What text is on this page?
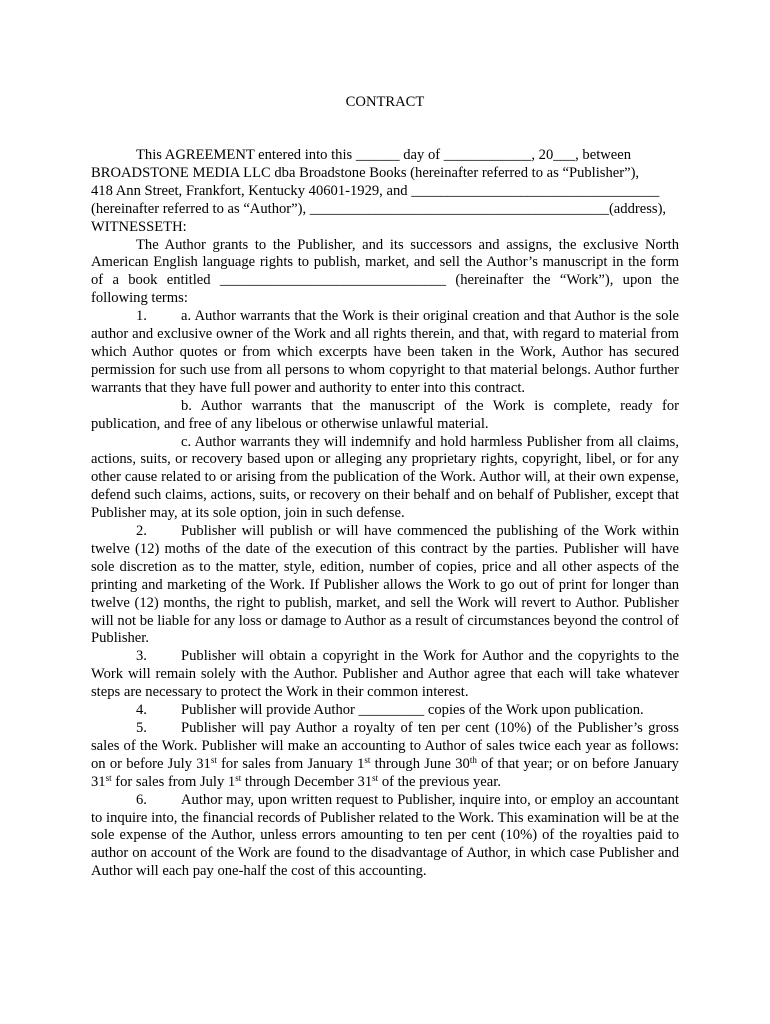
CONTRACT

This AGREEMENT entered into this ______ day of ____________, 20___, between

BROADSTONE MEDIA LLC dba Broadstone Books (hereinafter referred to as “Publisher”),

418 Ann Street, Frankfort, Kentucky 40601-1929, and __________________________________

(hereinafter referred to as “Author”), _________________________________________(address),

WITNESSETH:

The Author grants to the Publisher, and its successors and assigns, the exclusive North American English language rights to publish, market, and sell the Author’s manuscript in the form of a book entitled _______________________________ (hereinafter the “Work”), upon the following terms:

1. a. Author warrants that the Work is their original creation and that Author is the sole author and exclusive owner of the Work and all rights therein, and that, with regard to material from which Author quotes or from which excerpts have been taken in the Work, Author has secured permission for such use from all persons to whom copyright to that material belongs. Author further warrants that they have full power and authority to enter into this contract.

b. Author warrants that the manuscript of the Work is complete, ready for publication, and free of any libelous or otherwise unlawful material.

c. Author warrants they will indemnify and hold harmless Publisher from all claims, actions, suits, or recovery based upon or alleging any proprietary rights, copyright, libel, or for any other cause related to or arising from the publication of the Work. Author will, at their own expense, defend such claims, actions, suits, or recovery on their behalf and on behalf of Publisher, except that Publisher may, at its sole option, join in such defense.

2. Publisher will publish or will have commenced the publishing of the Work within twelve (12) moths of the date of the execution of this contract by the parties. Publisher will have sole discretion as to the matter, style, edition, number of copies, price and all other aspects of the printing and marketing of the Work. If Publisher allows the Work to go out of print for longer than twelve (12) months, the right to publish, market, and sell the Work will revert to Author. Publisher will not be liable for any loss or damage to Author as a result of circumstances beyond the control of Publisher.

3. Publisher will obtain a copyright in the Work for Author and the copyrights to the Work will remain solely with the Author. Publisher and Author agree that each will take whatever steps are necessary to protect the Work in their common interest.

4. Publisher will provide Author _________ copies of the Work upon publication.

5. Publisher will pay Author a royalty of ten per cent (10%) of the Publisher’s gross sales of the Work. Publisher will make an accounting to Author of sales twice each year as follows: on or before July 31st for sales from January 1st through June 30th of that year; or on before January 31st for sales from July 1st through December 31st of the previous year.

6. Author may, upon written request to Publisher, inquire into, or employ an accountant to inquire into, the financial records of Publisher related to the Work. This examination will be at the sole expense of the Author, unless errors amounting to ten per cent (10%) of the royalties paid to author on account of the Work are found to the disadvantage of Author, in which case Publisher and Author will each pay one-half the cost of this accounting.
